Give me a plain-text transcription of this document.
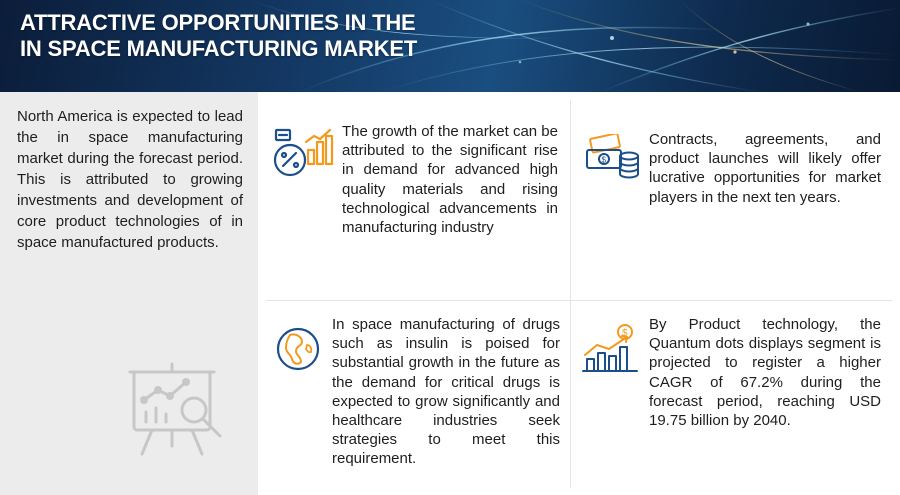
ATTRACTIVE OPPORTUNITIES IN THE
IN SPACE MANUFACTURING MARKET
North America is expected to lead the in space manufacturing market during the forecast period. This is attributed to growing investments and development of core product technologies of in space manufactured products.
The growth of the market can be attributed to the significant rise in demand for advanced high quality materials and rising technological advancements in manufacturing industry
$
Contracts, agreements, and product launches will likely offer lucrative opportunities for market players in the next ten years.
In space manufacturing of drugs such as insulin is poised for substantial growth in the future as the demand for critical drugs is expected to grow significantly and healthcare industries seek strategies to meet this requirement.
$
By Product technology, the Quantum dots displays segment is projected to register a higher CAGR of 67.2% during the forecast period, reaching USD 19.75 billion by 2040.
